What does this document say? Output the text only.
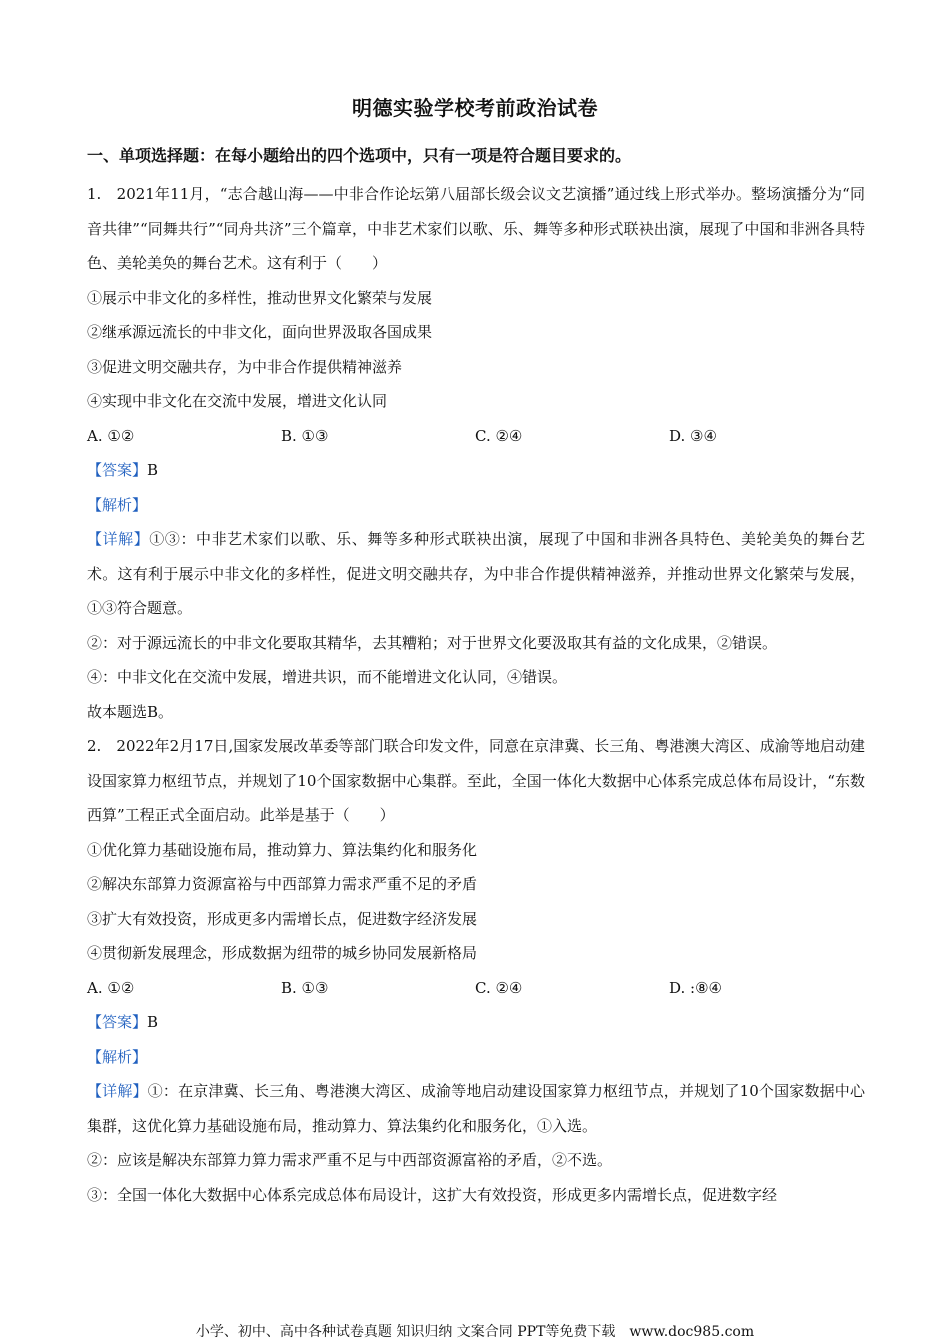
明德实验学校考前政治试卷
一、单项选择题：在每小题给出的四个选项中，只有一项是符合题目要求的。

1.　2021年11月，“志合越山海——中非合作论坛第八届部长级会议文艺演播”通过线上形式举办。整场演播分为“同音共律”“同舞共行”“同舟共济”三个篇章，中非艺术家们以歌、乐、舞等多种形式联袂出演，展现了中国和非洲各具特色、美轮美奂的舞台艺术。这有利于（　　）

①展示中非文化的多样性，推动世界文化繁荣与发展

②继承源远流长的中非文化，面向世界汲取各国成果

③促进文明交融共存，为中非合作提供精神滋养

④实现中非文化在交流中发展，增进文化认同

A. ①②	B. ①③	C. ②④	D. ③④

【答案】B

【解析】

【详解】①③：中非艺术家们以歌、乐、舞等多种形式联袂出演，展现了中国和非洲各具特色、美轮美奂的舞台艺术。这有利于展示中非文化的多样性，促进文明交融共存，为中非合作提供精神滋养，并推动世界文化繁荣与发展，①③符合题意。

②：对于源远流长的中非文化要取其精华，去其糟粕；对于世界文化要汲取其有益的文化成果，②错误。

④：中非文化在交流中发展，增进共识，而不能增进文化认同，④错误。

故本题选B。

2.　2022年2月17日,国家发展改革委等部门联合印发文件，同意在京津冀、长三角、粤港澳大湾区、成渝等地启动建设国家算力枢纽节点，并规划了10个国家数据中心集群。至此，全国一体化大数据中心体系完成总体布局设计，“东数西算”工程正式全面启动。此举是基于（　　）

①优化算力基础设施布局，推动算力、算法集约化和服务化

②解决东部算力资源富裕与中西部算力需求严重不足的矛盾

③扩大有效投资，形成更多内需增长点，促进数字经济发展

④贯彻新发展理念，形成数据为纽带的城乡协同发展新格局

A. ①②	B. ①③	C. ②④	D. :⑧④

【答案】B

【解析】

【详解】①：在京津冀、长三角、粤港澳大湾区、成渝等地启动建设国家算力枢纽节点，并规划了10个国家数据中心集群，这优化算力基础设施布局，推动算力、算法集约化和服务化，①入选。

②：应该是解决东部算力算力需求严重不足与中西部资源富裕的矛盾，②不选。

③：全国一体化大数据中心体系完成总体布局设计，这扩大有效投资，形成更多内需增长点，促进数字经

小学、初中、高中各种试卷真题 知识归纳 文案合同 PPT等免费下载 www.doc985.com
